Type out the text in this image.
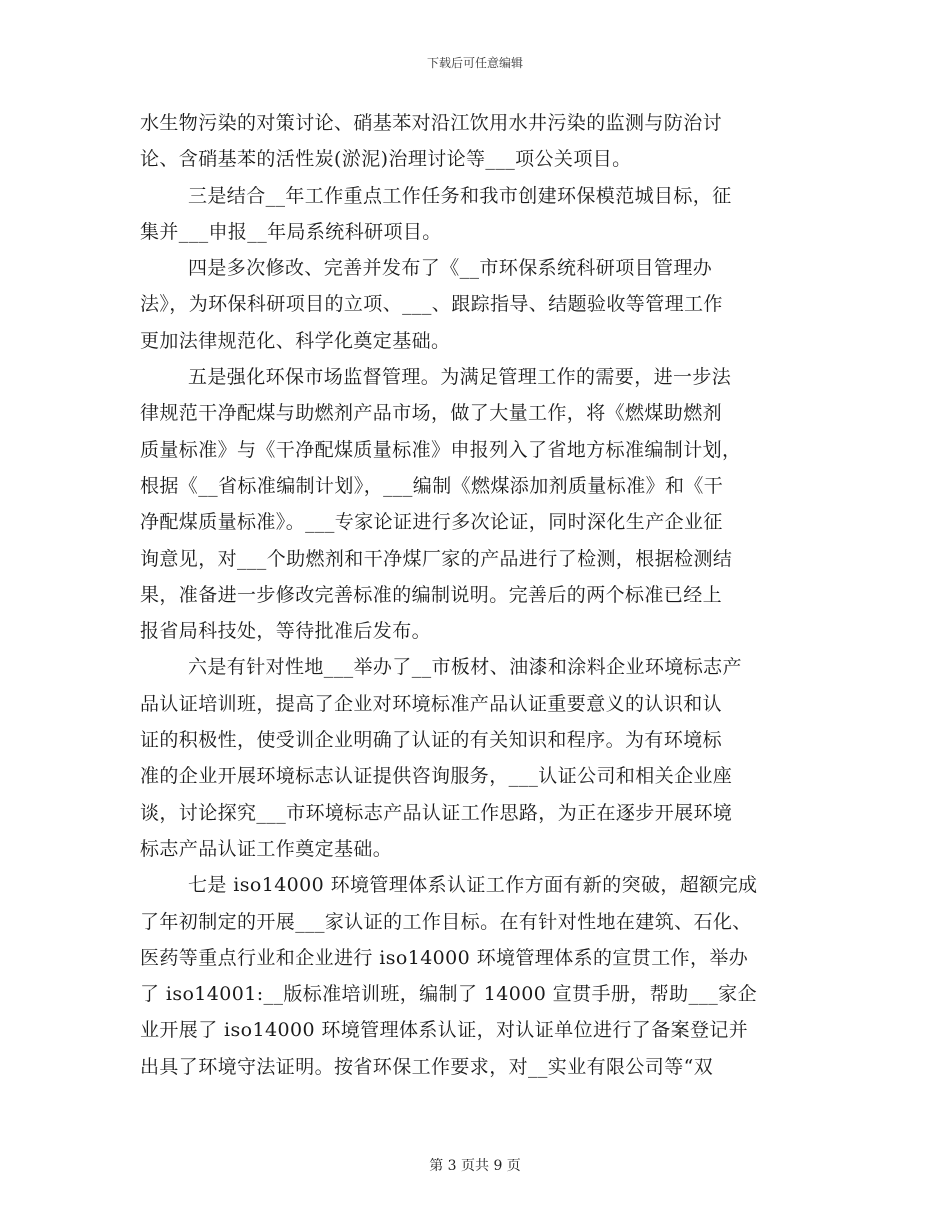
下载后可任意编辑
水生物污染的对策讨论、硝基苯对沿江饮用水井污染的监测与防治讨
论、含硝基苯的活性炭(淤泥)治理讨论等___项公关项目。
三是结合__年工作重点工作任务和我市创建环保模范城目标，征
集并___申报__年局系统科研项目。
四是多次修改、完善并发布了《__市环保系统科研项目管理办
法》，为环保科研项目的立项、___、跟踪指导、结题验收等管理工作
更加法律规范化、科学化奠定基础。
五是强化环保市场监督管理。为满足管理工作的需要，进一步法
律规范干净配煤与助燃剂产品市场，做了大量工作，将《燃煤助燃剂
质量标准》与《干净配煤质量标准》申报列入了省地方标准编制计划，
根据《__省标准编制计划》，___编制《燃煤添加剂质量标准》和《干
净配煤质量标准》。___专家论证进行多次论证，同时深化生产企业征
询意见，对___个助燃剂和干净煤厂家的产品进行了检测，根据检测结
果，准备进一步修改完善标准的编制说明。完善后的两个标准已经上
报省局科技处，等待批准后发布。
六是有针对性地___举办了__市板材、油漆和涂料企业环境标志产
品认证培训班，提高了企业对环境标准产品认证重要意义的认识和认
证的积极性，使受训企业明确了认证的有关知识和程序。为有环境标
准的企业开展环境标志认证提供咨询服务，___认证公司和相关企业座
谈，讨论探究___市环境标志产品认证工作思路，为正在逐步开展环境
标志产品认证工作奠定基础。
七是 iso14000 环境管理体系认证工作方面有新的突破，超额完成
了年初制定的开展___家认证的工作目标。在有针对性地在建筑、石化、
医药等重点行业和企业进行 iso14000 环境管理体系的宣贯工作，举办
了 iso14001:__版标准培训班，编制了 14000 宣贯手册，帮助___家企
业开展了 iso14000 环境管理体系认证，对认证单位进行了备案登记并
出具了环境守法证明。按省环保工作要求，对__实业有限公司等“双
第 3 页共 9 页
